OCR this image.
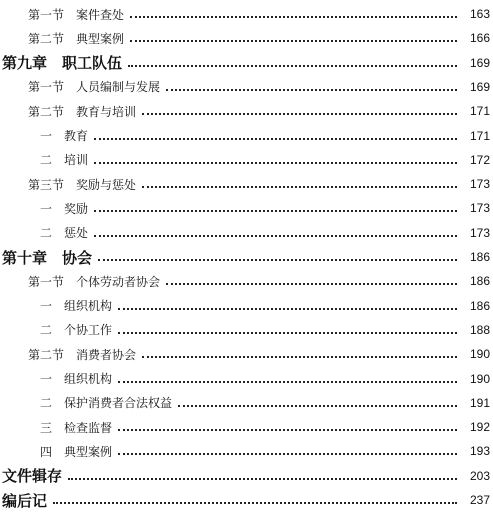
第一节　案件查处	163
第二节　典型案例	166
第九章　职工队伍	169
第一节　人员编制与发展	169
第二节　教育与培训	171
一　教育	171
二　培训	172
第三节　奖励与惩处	173
一　奖励	173
二　惩处	173
第十章　协会	186
第一节　个体劳动者协会	186
一　组织机构	186
二　个协工作	188
第二节　消费者协会	190
一　组织机构	190
二　保护消费者合法权益	191
三　检查监督	192
四　典型案例	193
文件辑存	203
编后记	237
